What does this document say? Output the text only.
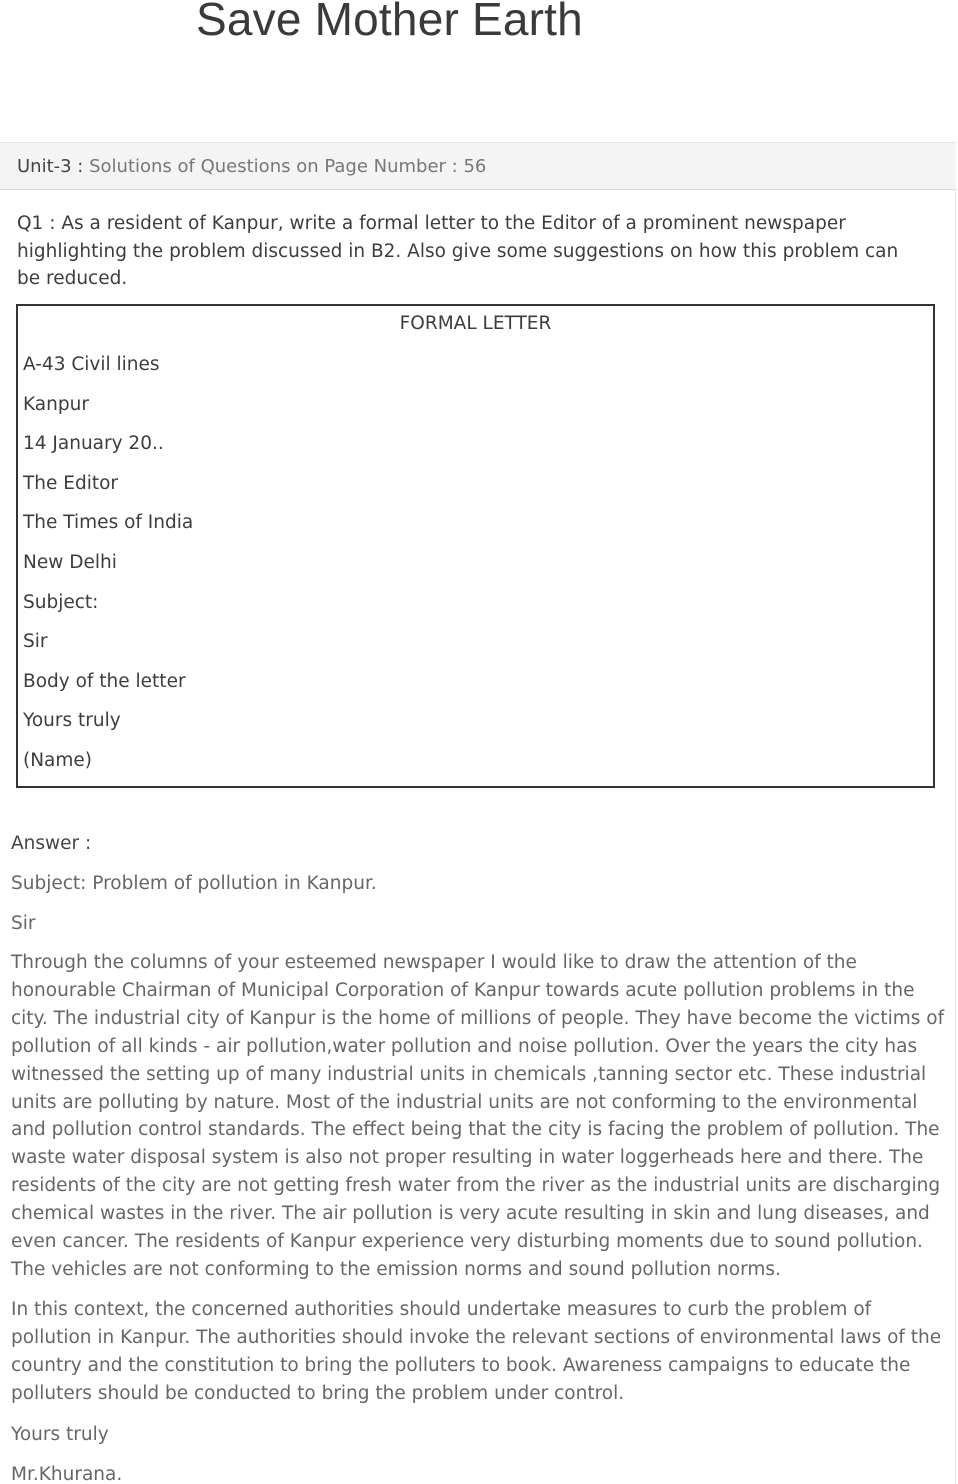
Save Mother Earth
Unit-3 : Solutions of Questions on Page Number : 56

Q1 : As a resident of Kanpur, write a formal letter to the Editor of a prominent newspaper highlighting the problem discussed in B2. Also give some suggestions on how this problem can be reduced.

FORMAL LETTER
A-43 Civil lines
Kanpur
14 January 20..
The Editor
The Times of India
New Delhi
Subject:
Sir
Body of the letter
Yours truly
(Name)
Answer :
Subject: Problem of pollution in Kanpur.
Sir

Through the columns of your esteemed newspaper I would like to draw the attention of the honourable Chairman of Municipal Corporation of Kanpur towards acute pollution problems in the city. The industrial city of Kanpur is the home of millions of people. They have become the victims of pollution of all kinds - air pollution,water pollution and noise pollution. Over the years the city has witnessed the setting up of many industrial units in chemicals ,tanning sector etc. These industrial units are polluting by nature. Most of the industrial units are not conforming to the environmental and pollution control standards. The effect being that the city is facing the problem of pollution. The waste water disposal system is also not proper resulting in water loggerheads here and there. The residents of the city are not getting fresh water from the river as the industrial units are discharging chemical wastes in the river. The air pollution is very acute resulting in skin and lung diseases, and even cancer. The residents of Kanpur experience very disturbing moments due to sound pollution. The vehicles are not conforming to the emission norms and sound pollution norms.

In this context, the concerned authorities should undertake measures to curb the problem of pollution in Kanpur. The authorities should invoke the relevant sections of environmental laws of the country and the constitution to bring the polluters to book. Awareness campaigns to educate the polluters should be conducted to bring the problem under control.

Yours truly
Mr.Khurana.
